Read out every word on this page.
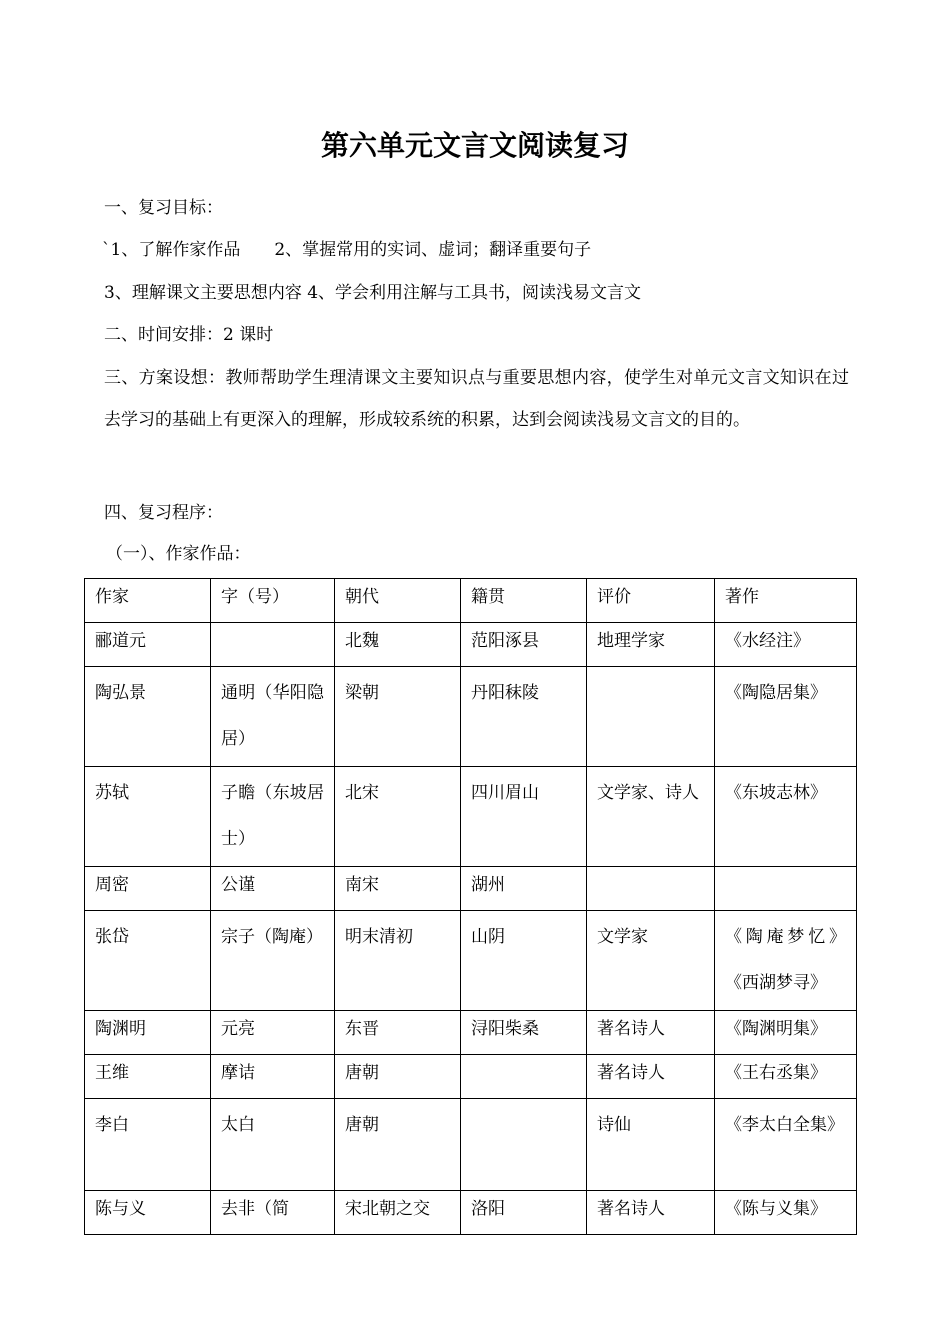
第六单元文言文阅读复习
一、复习目标：
`1、了解作家作品　　2、掌握常用的实词、虚词；翻译重要句子
3、理解课文主要思想内容 4、学会利用注解与工具书，阅读浅易文言文
二、时间安排：2 课时
三、方案设想：教师帮助学生理清课文主要知识点与重要思想内容，使学生对单元文言文知识在过去学习的基础上有更深入的理解，形成较系统的积累，达到会阅读浅易文言文的目的。
四、复习程序：
（一）、作家作品：
作家	字（号）	朝代	籍贯	评价	著作
郦道元		北魏	范阳涿县	地理学家	《水经注》
陶弘景	通明（华阳隐居）	梁朝	丹阳秣陵		《陶隐居集》
苏轼	子瞻（东坡居士）	北宋	四川眉山	文学家、诗人	《东坡志林》
周密	公谨	南宋	湖州		
张岱	宗子（陶庵）	明末清初	山阴	文学家	《陶庵梦忆》《西湖梦寻》
陶渊明	元亮	东晋	浔阳柴桑	著名诗人	《陶渊明集》
王维	摩诘	唐朝		著名诗人	《王右丞集》
李白	太白	唐朝		诗仙	《李太白全集》
陈与义	去非（简	宋北朝之交	洛阳	著名诗人	《陈与义集》
